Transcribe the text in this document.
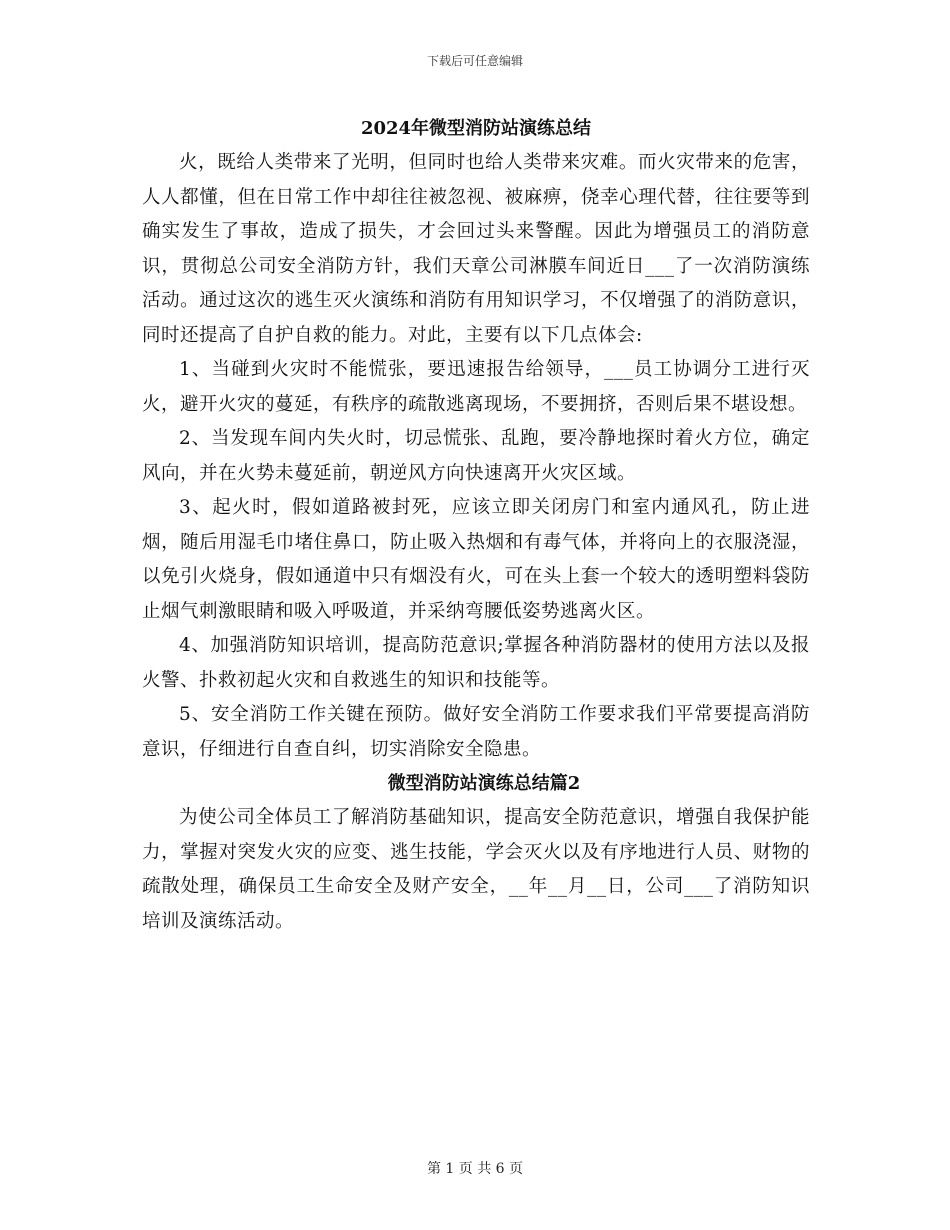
下载后可任意编辑
2024年微型消防站演练总结

火，既给人类带来了光明，但同时也给人类带来灾难。而火灾带来的危害，人人都懂，但在日常工作中却往往被忽视、被麻痹，侥幸心理代替，往往要等到确实发生了事故，造成了损失，才会回过头来警醒。因此为增强员工的消防意识，贯彻总公司安全消防方针，我们天章公司淋膜车间近日___了一次消防演练活动。通过这次的逃生灭火演练和消防有用知识学习，不仅增强了的消防意识，同时还提高了自护自救的能力。对此，主要有以下几点体会:

1、当碰到火灾时不能慌张，要迅速报告给领导，___员工协调分工进行灭火，避开火灾的蔓延，有秩序的疏散逃离现场，不要拥挤，否则后果不堪设想。

2、当发现车间内失火时，切忌慌张、乱跑，要冷静地探时着火方位，确定风向，并在火势未蔓延前，朝逆风方向快速离开火灾区域。

3、起火时，假如道路被封死，应该立即关闭房门和室内通风孔，防止进烟，随后用湿毛巾堵住鼻口，防止吸入热烟和有毒气体，并将向上的衣服浇湿，以免引火烧身，假如通道中只有烟没有火，可在头上套一个较大的透明塑料袋防止烟气刺激眼睛和吸入呼吸道，并采纳弯腰低姿势逃离火区。

4、加强消防知识培训，提高防范意识;掌握各种消防器材的使用方法以及报火警、扑救初起火灾和自救逃生的知识和技能等。

5、安全消防工作关键在预防。做好安全消防工作要求我们平常要提高消防意识，仔细进行自查自纠，切实消除安全隐患。

微型消防站演练总结篇2

为使公司全体员工了解消防基础知识，提高安全防范意识，增强自我保护能力，掌握对突发火灾的应变、逃生技能，学会灭火以及有序地进行人员、财物的疏散处理，确保员工生命安全及财产安全，__年__月__日，公司___了消防知识培训及演练活动。

第 1 页 共 6 页
